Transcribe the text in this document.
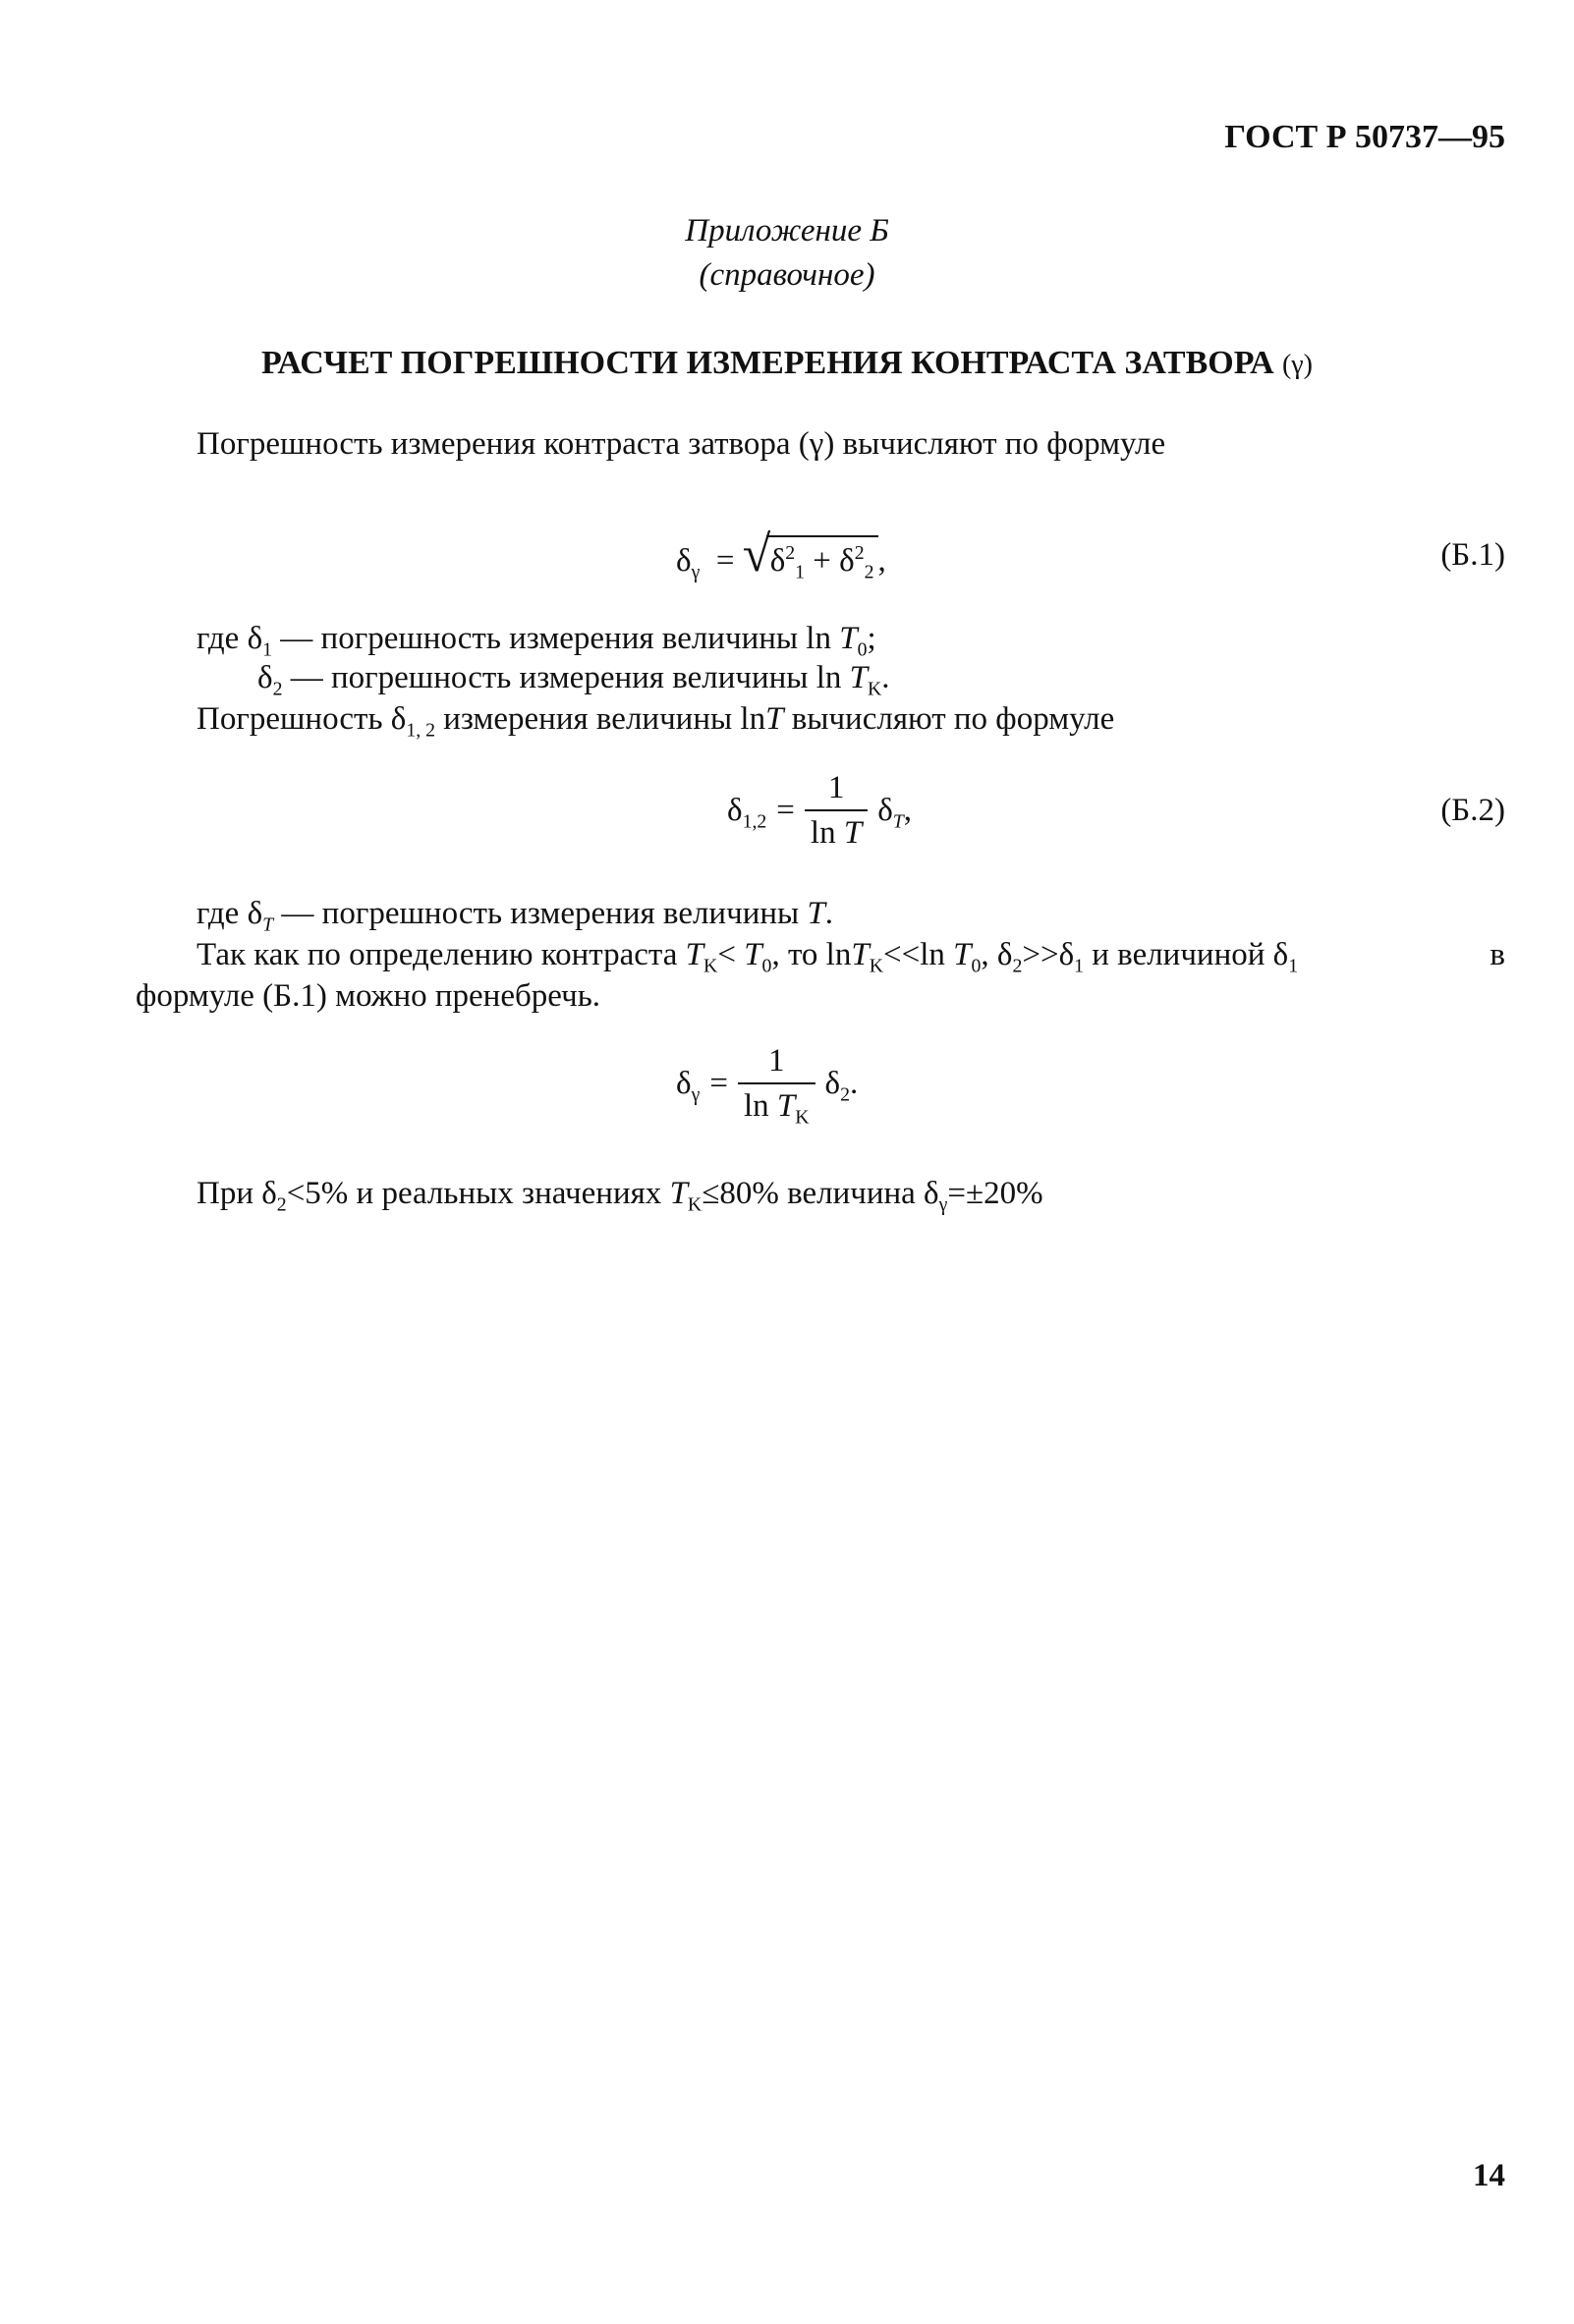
ГОСТ Р 50737—95
Приложение Б
(справочное)
РАСЧЕТ ПОГРЕШНОСТИ ИЗМЕРЕНИЯ КОНТРАСТА ЗАТВОРА (γ)
Погрешность измерения контраста затвора (γ) вычисляют по формуле
$\delta_\gamma$ = √ $\delta^2_1 + \delta^2_2$ ,	(Б.1)
где $\delta_1$ — погрешность измерения величины $\ln T_0$;
$\delta_2$ — погрешность измерения величины $\ln T_K$.
Погрешность $\delta_{1, 2}$ измерения величины lnT вычисляют по формуле
$\delta_{1,2} = \frac{1}{\text{ln T}} \delta_T$,	(Б.2)
где $\delta_T$ — погрешность измерения величины T.
Так как по определению контраста $T_K< T_0$, то lnT$_K$<<ln $T_0$, $\delta_2>>\delta_1$ и величиной $\delta_1$	в
формуле (Б.1) можно пренебречь.
$\delta_\gamma = \frac{1}{\ln T_K} \delta_2$.
При $\delta_2<5\%$ и реальных значениях $T_K\le 80\%$ величина $\delta_\gamma=\pm 20\%$
14
